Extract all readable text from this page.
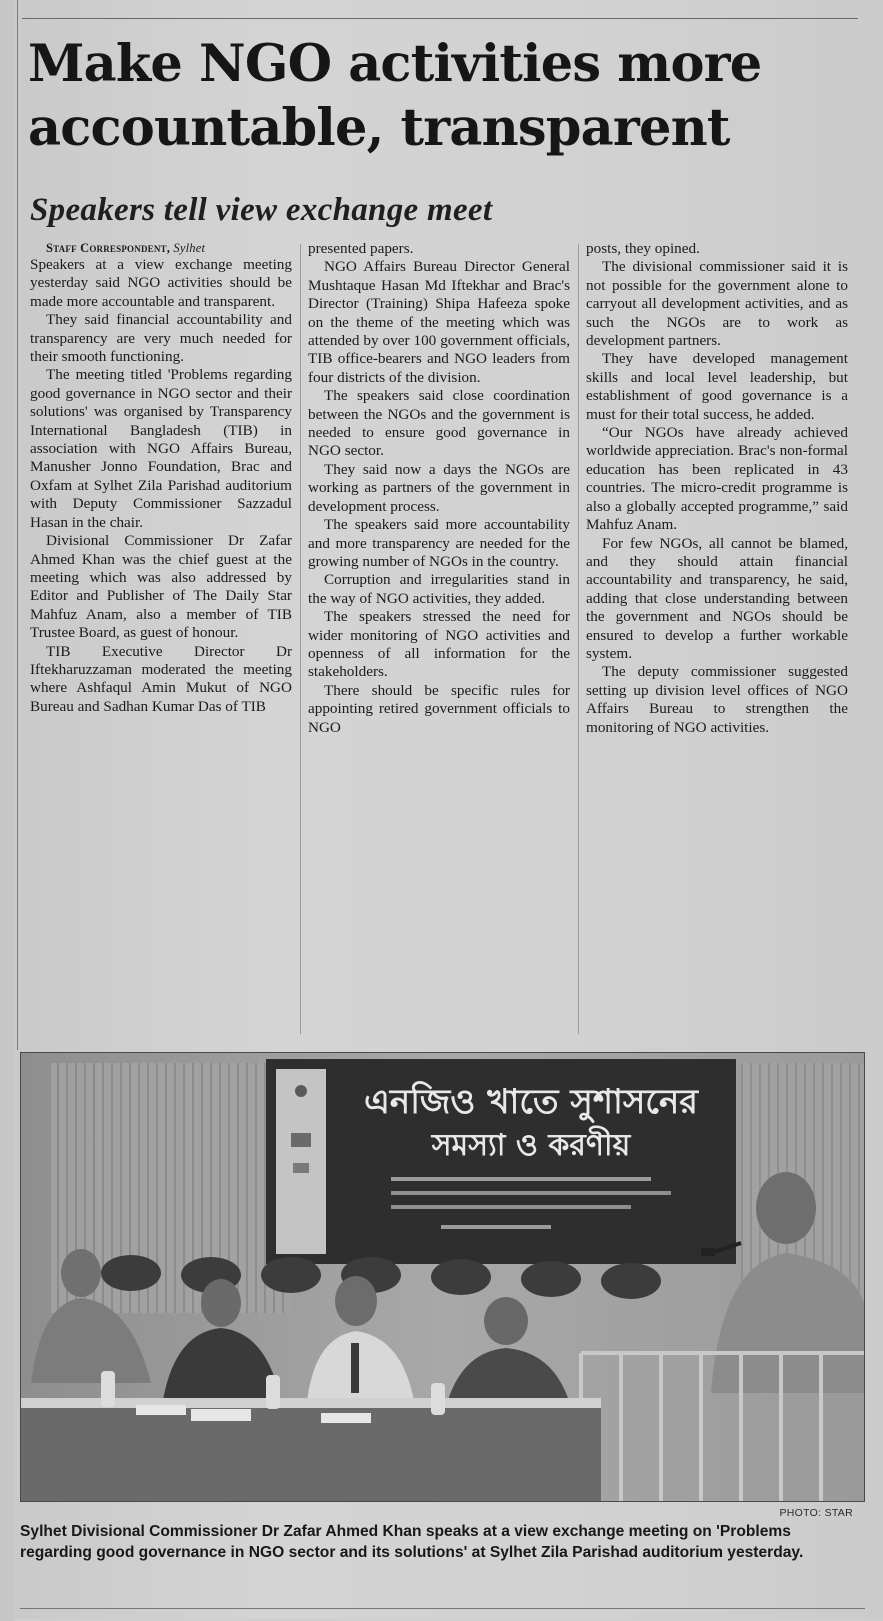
Make NGO activities more
accountable, transparent
Speakers tell view exchange meet

Staff Correspondent, Sylhet

Speakers at a view exchange meeting yesterday said NGO activities should be made more accountable and transparent.

They said financial accountability and transparency are very much needed for their smooth functioning.

The meeting titled 'Problems regarding good governance in NGO sector and their solutions' was organised by Transparency International Bangladesh (TIB) in association with NGO Affairs Bureau, Manusher Jonno Foundation, Brac and Oxfam at Sylhet Zila Parishad auditorium with Deputy Commissioner Sazzadul Hasan in the chair.

Divisional Commissioner Dr Zafar Ahmed Khan was the chief guest at the meeting which was also addressed by Editor and Publisher of The Daily Star Mahfuz Anam, also a member of TIB Trustee Board, as guest of honour.

TIB Executive Director Dr Iftekharuzzaman moderated the meeting where Ashfaqul Amin Mukut of NGO Bureau and Sadhan Kumar Das of TIB

presented papers.

NGO Affairs Bureau Director General Mushtaque Hasan Md Iftekhar and Brac's Director (Training) Shipa Hafeeza spoke on the theme of the meeting which was attended by over 100 government officials, TIB office-bearers and NGO leaders from four districts of the division.

The speakers said close coordination between the NGOs and the government is needed to ensure good governance in NGO sector.

They said now a days the NGOs are working as partners of the government in development process.

The speakers said more accountability and more transparency are needed for the growing number of NGOs in the country.

Corruption and irregularities stand in the way of NGO activities, they added.

The speakers stressed the need for wider monitoring of NGO activities and openness of all information for the stakeholders.

There should be specific rules for appointing retired government officials to NGO

posts, they opined.

The divisional commissioner said it is not possible for the government alone to carryout all development activities, and as such the NGOs are to work as development partners.

They have developed management skills and local level leadership, but establishment of good governance is a must for their total success, he added.

“Our NGOs have already achieved worldwide appreciation. Brac's non-formal education has been replicated in 43 countries. The micro-credit programme is also a globally accepted programme,” said Mahfuz Anam.

For few NGOs, all cannot be blamed, and they should attain financial accountability and transparency, he said, adding that close understanding between the government and NGOs should be ensured to develop a further workable system.

The deputy commissioner suggested setting up division level offices of NGO Affairs Bureau to strengthen the monitoring of NGO activities.

এনজিও খাতে সুশাসনের
সমস্যা ও করণীয়
PHOTO: STAR

Sylhet Divisional Commissioner Dr Zafar Ahmed Khan speaks at a view exchange meeting on 'Problems regarding good governance in NGO sector and its solutions' at Sylhet Zila Parishad auditorium yesterday.
